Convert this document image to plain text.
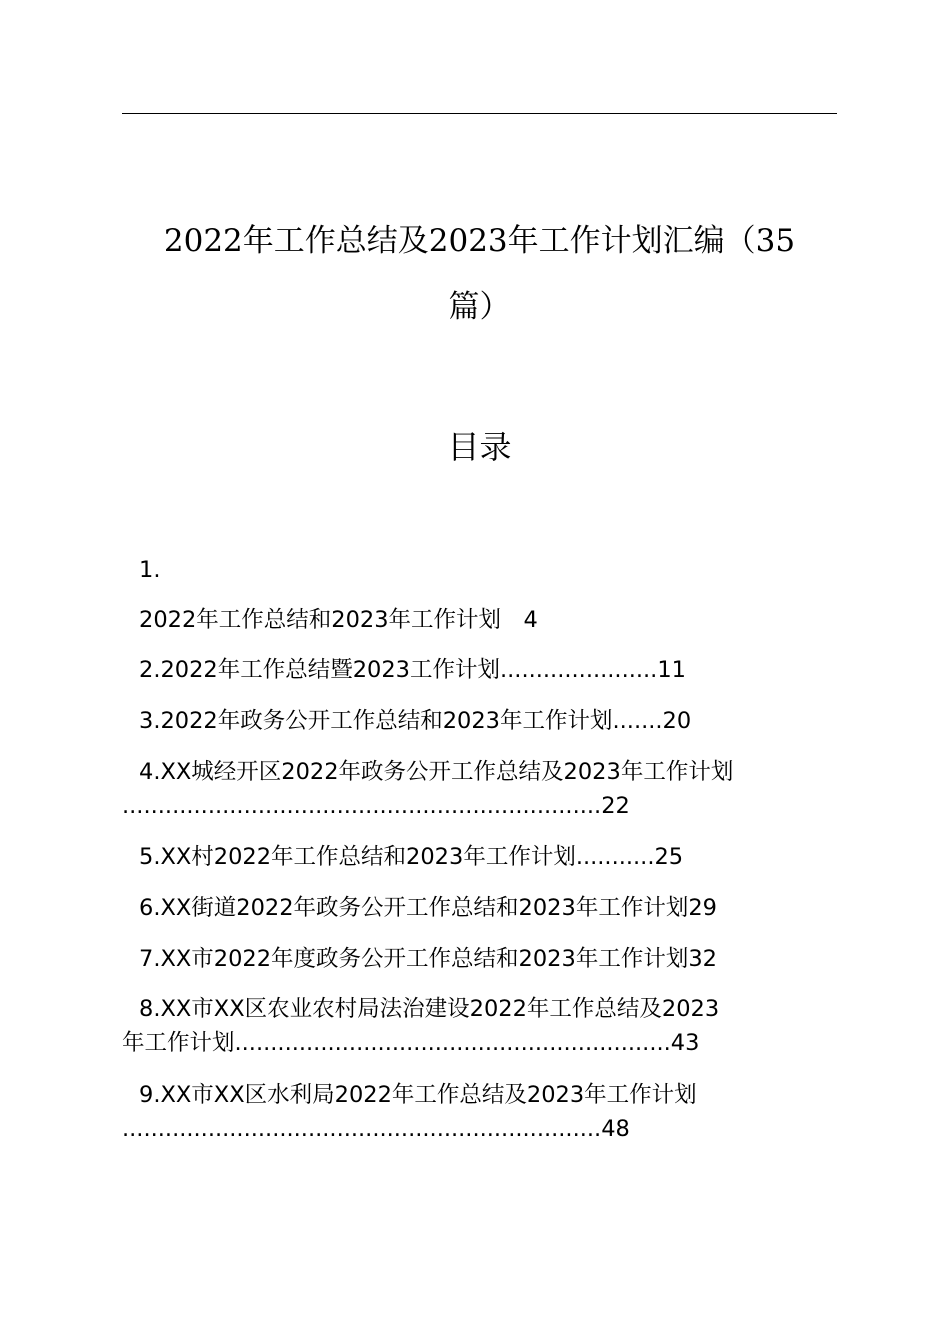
2022年工作总结及2023年工作计划汇编（35
篇）
目录
1.
2022年工作总结和2023年工作计划　4
2.2022年工作总结暨2023工作计划......................11
3.2022年政务公开工作总结和2023年工作计划.......20
4.XX城经开区2022年政务公开工作总结及2023年工作计划
...................................................................22
5.XX村2022年工作总结和2023年工作计划...........25
6.XX街道2022年政务公开工作总结和2023年工作计划29
7.XX市2022年度政务公开工作总结和2023年工作计划32
8.XX市XX区农业农村局法治建设2022年工作总结及2023
年工作计划.............................................................43
9.XX市XX区水利局2022年工作总结及2023年工作计划
...................................................................48
